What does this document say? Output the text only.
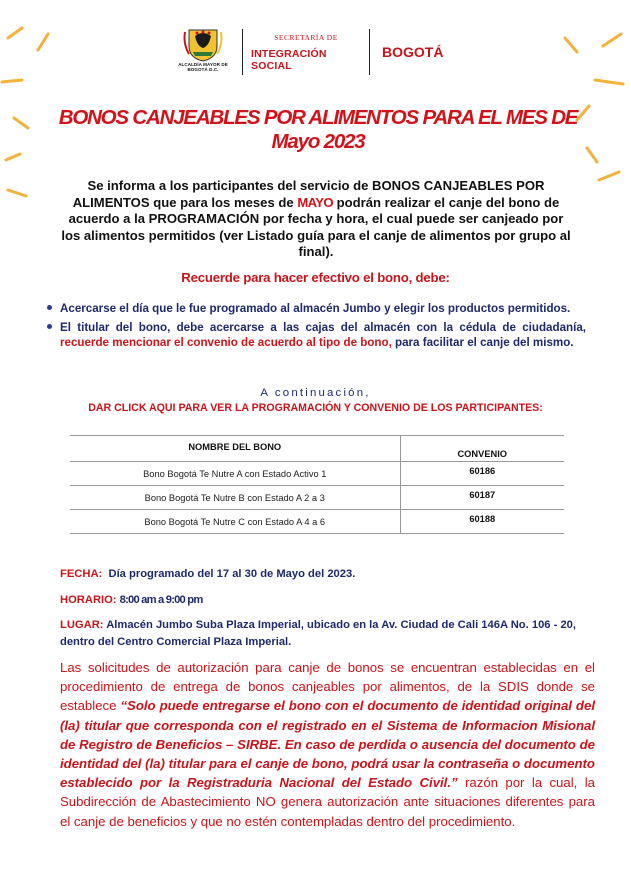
ALCALDÍA MAYOR DE BOGOTÁ D.C.
SECRETARÍA DE
INTEGRACIÓN SOCIAL
BOGOTÁ
BONOS CANJEABLES POR ALIMENTOS PARA EL MES DE Mayo 2023
Se informa a los participantes del servicio de BONOS CANJEABLES POR ALIMENTOS que para los meses de MAYO podrán realizar el canje del bono de acuerdo a la PROGRAMACIÓN por fecha y hora, el cual puede ser canjeado por los alimentos permitidos (ver Listado guía para el canje de alimentos por grupo al final).
Recuerde para hacer efectivo el bono, debe:
Acercarse el día que le fue programado al almacén Jumbo y elegir los productos permitidos.
El titular del bono, debe acercarse a las cajas del almacén con la cédula de ciudadanía, recuerde mencionar el convenio de acuerdo al tipo de bono, para facilitar el canje del mismo.
A continuación,
DAR CLICK AQUI PARA VER LA PROGRAMACIÓN Y CONVENIO DE LOS PARTICIPANTES:
NOMBRE DEL BONO	CONVENIO
Bono Bogotá Te Nutre A con Estado Activo 1	60186
Bono Bogotá Te Nutre B con Estado A 2 a 3	60187
Bono Bogotá Te Nutre C con Estado A 4 a 6	60188
FECHA: Día programado del 17 al 30 de Mayo del 2023.
HORARIO: 8:00 am a 9:00 pm
LUGAR: Almacén Jumbo Suba Plaza Imperial, ubicado en la Av. Ciudad de Cali 146A No. 106 - 20, dentro del Centro Comercial Plaza Imperial.
Las solicitudes de autorización para canje de bonos se encuentran establecidas en el procedimiento de entrega de bonos canjeables por alimentos, de la SDIS donde se establece “Solo puede entregarse el bono con el documento de identidad original del (la) titular que corresponda con el registrado en el Sistema de Informacion Misional de Registro de Beneficios – SIRBE. En caso de perdida o ausencia del documento de identidad del (la) titular para el canje de bono, podrá usar la contraseña o documento establecido por la Registraduria Nacional del Estado Civil.” razón por la cual, la Subdirección de Abastecimiento NO genera autorización ante situaciones diferentes para el canje de beneficios y que no estén contempladas dentro del procedimiento.
